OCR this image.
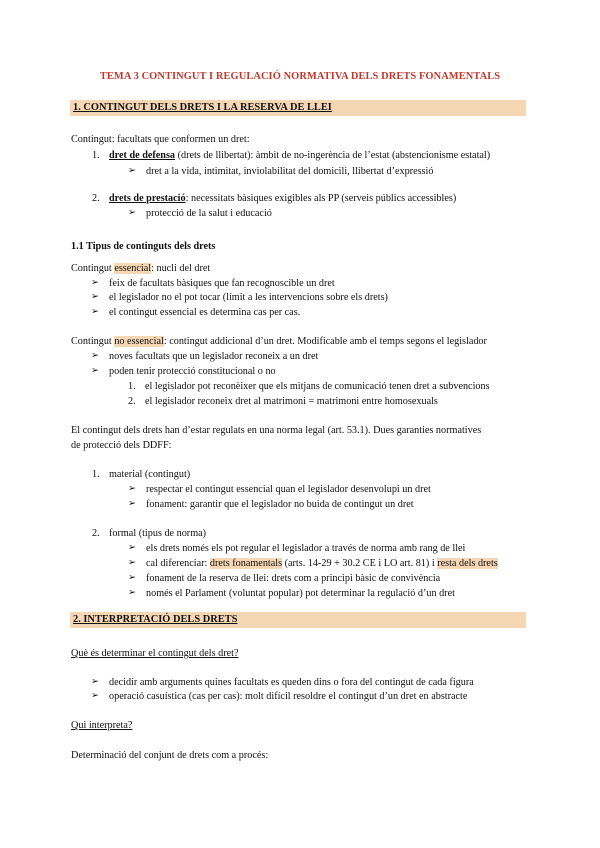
TEMA 3 CONTINGUT I REGULACIÓ NORMATIVA DELS DRETS FONAMENTALS
1. CONTINGUT DELS DRETS I LA RESERVA DE LLEI
Contingut: facultats que conformen un dret:
1. dret de defensa (drets de llibertat): àmbit de no-ingerència de l’estat (abstencionisme estatal)
➢ dret a la vida, intimitat, inviolabilitat del domicili, llibertat d’expressió
2. drets de prestació: necessitats bàsiques exigibles als PP (serveis públics accessibles)
➢ protecció de la salut i educació
1.1 Tipus de continguts dels drets
Contingut essencial: nucli del dret
➢ feix de facultats bàsiques que fan recognoscible un dret
➢ el legislador no el pot tocar (límit a les intervencions sobre els drets)
➢ el contingut essencial es determina cas per cas.
Contingut no essencial: contingut addicional d’un dret. Modificable amb el temps segons el legislador
➢ noves facultats que un legislador reconeix a un dret
➢ poden tenir protecció constitucional o no
1. el legislador pot reconèixer que els mitjans de comunicació tenen dret a subvencions
2. el legislador reconeix dret al matrimoni = matrimoni entre homosexuals
El contingut dels drets han d’estar regulats en una norma legal (art. 53.1). Dues garanties normatives
de protecció dels DDFF:
1. material (contingut)
➢ respectar el contingut essencial quan el legislador desenvolupi un dret
➢ fonament: garantir que el legislador no buida de contingut un dret
2. formal (tipus de norma)
➢ els drets només els pot regular el legislador a través de norma amb rang de llei
➢ cal diferenciar: drets fonamentals (arts. 14-29 + 30.2 CE i LO art. 81) i resta dels drets
➢ fonament de la reserva de llei: drets com a principi bàsic de convivència
➢ només el Parlament (voluntat popular) pot determinar la regulació d’un dret
2. INTERPRETACIÓ DELS DRETS
Què és determinar el contingut dels dret?
➢ decidir amb arguments quines facultats es queden dins o fora del contingut de cada figura
➢ operació casuística (cas per cas): molt difícil resoldre el contingut d’un dret en abstracte
Qui interpreta?
Determinació del conjunt de drets com a procés:
